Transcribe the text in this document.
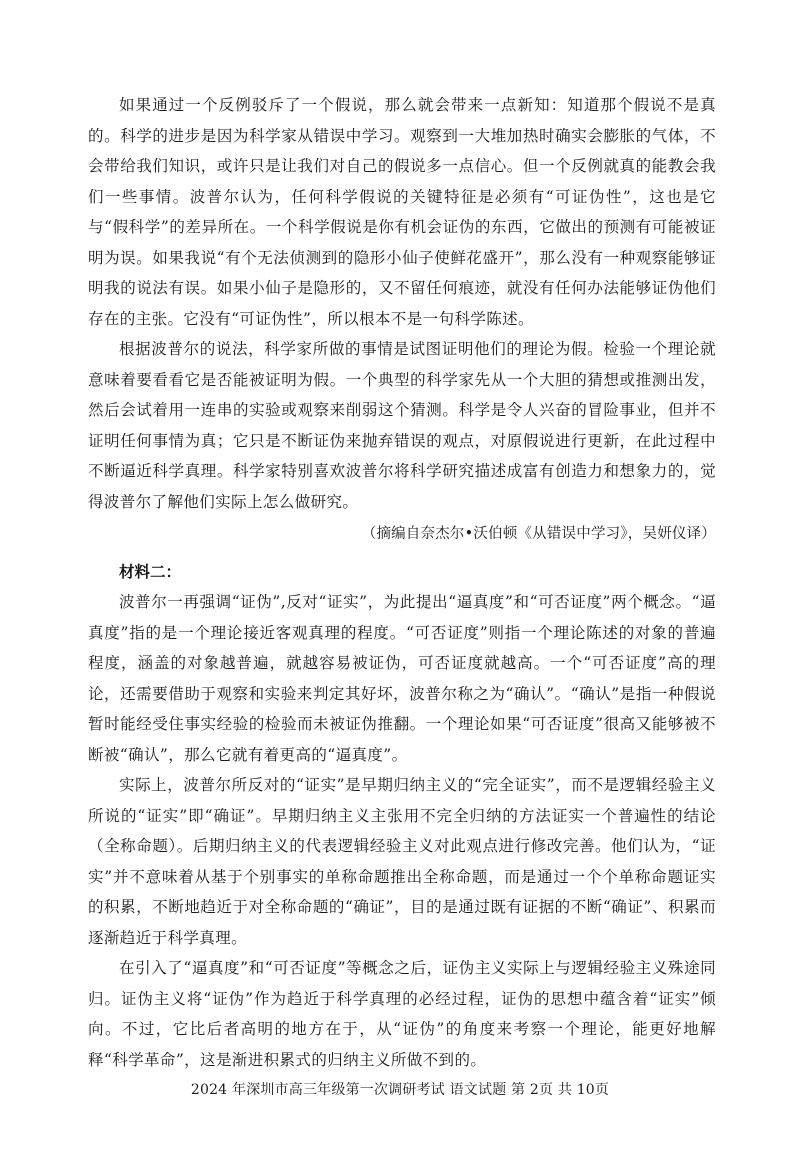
如果通过一个反例驳斥了一个假说，那么就会带来一点新知：知道那个假说不是真的。科学的进步是因为科学家从错误中学习。观察到一大堆加热时确实会膨胀的气体，不会带给我们知识，或许只是让我们对自己的假说多一点信心。但一个反例就真的能教会我们一些事情。波普尔认为，任何科学假说的关键特征是必须有“可证伪性”，这也是它与“假科学”的差异所在。一个科学假说是你有机会证伪的东西，它做出的预测有可能被证明为误。如果我说“有个无法侦测到的隐形小仙子使鲜花盛开”，那么没有一种观察能够证明我的说法有误。如果小仙子是隐形的，又不留任何痕迹，就没有任何办法能够证伪他们存在的主张。它没有“可证伪性”，所以根本不是一句科学陈述。

根据波普尔的说法，科学家所做的事情是试图证明他们的理论为假。检验一个理论就意味着要看看它是否能被证明为假。一个典型的科学家先从一个大胆的猜想或推测出发，然后会试着用一连串的实验或观察来削弱这个猜测。科学是令人兴奋的冒险事业，但并不证明任何事情为真；它只是不断证伪来抛弃错误的观点，对原假说进行更新，在此过程中不断逼近科学真理。科学家特别喜欢波普尔将科学研究描述成富有创造力和想象力的，觉得波普尔了解他们实际上怎么做研究。

（摘编自奈杰尔•沃伯顿《从错误中学习》，吴妍仪译）

材料二：

波普尔一再强调“证伪”,反对“证实”，为此提出“逼真度”和“可否证度”两个概念。“逼真度”指的是一个理论接近客观真理的程度。“可否证度”则指一个理论陈述的对象的普遍程度，涵盖的对象越普遍，就越容易被证伪，可否证度就越高。一个“可否证度”高的理论，还需要借助于观察和实验来判定其好坏，波普尔称之为“确认”。“确认”是指一种假说暂时能经受住事实经验的检验而未被证伪推翻。一个理论如果“可否证度”很高又能够被不断被“确认”，那么它就有着更高的“逼真度”。

实际上，波普尔所反对的“证实”是早期归纳主义的“完全证实”，而不是逻辑经验主义所说的“证实”即“确证”。早期归纳主义主张用不完全归纳的方法证实一个普遍性的结论（全称命题）。后期归纳主义的代表逻辑经验主义对此观点进行修改完善。他们认为，“证实”并不意味着从基于个别事实的单称命题推出全称命题，而是通过一个个单称命题证实的积累，不断地趋近于对全称命题的“确证”，目的是通过既有证据的不断“确证”、积累而逐渐趋近于科学真理。

在引入了“逼真度”和“可否证度”等概念之后，证伪主义实际上与逻辑经验主义殊途同归。证伪主义将“证伪”作为趋近于科学真理的必经过程，证伪的思想中蕴含着“证实”倾向。不过，它比后者高明的地方在于，从“证伪”的角度来考察一个理论，能更好地解释“科学革命”，这是渐进积累式的归纳主义所做不到的。

2024 年深圳市高三年级第一次调研考试 语文试题 第 2页 共 10页
